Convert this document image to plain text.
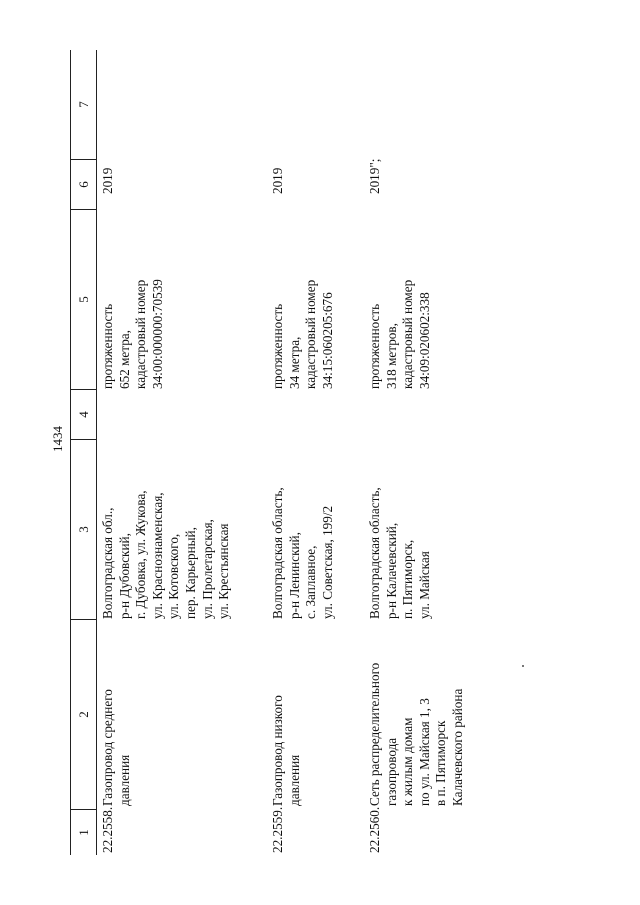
1434
1
2
3
4
5
6
7
22.2558.
Газопровод среднего
давления
Волгоградская обл.,
р-н Дубовский,
г. Дубовка, ул. Жукова,
ул. Краснознаменская,
ул. Котовского,
пер. Карьерный,
ул. Пролетарская,
ул. Крестьянская
протяженность
652 метра,
кадастровый номер
34:00:000000:70539
2019
22.2559.
Газопровод низкого
давления
Волгоградская область,
р-н Ленинский,
с. Заплавное,
ул. Советская, 199/2
протяженность
34 метра,
кадастровый номер
34:15:060205:676
2019
22.2560.
Сеть распределительного
газопровода
к жилым домам
по ул. Майская 1, 3
в п. Пятиморск
Калачевского района
Волгоградская область,
р-н Калачевский,
п. Пятиморск,
ул. Майская
протяженность
318 метров,
кадастровый номер
34:09:020602:338
2019";
